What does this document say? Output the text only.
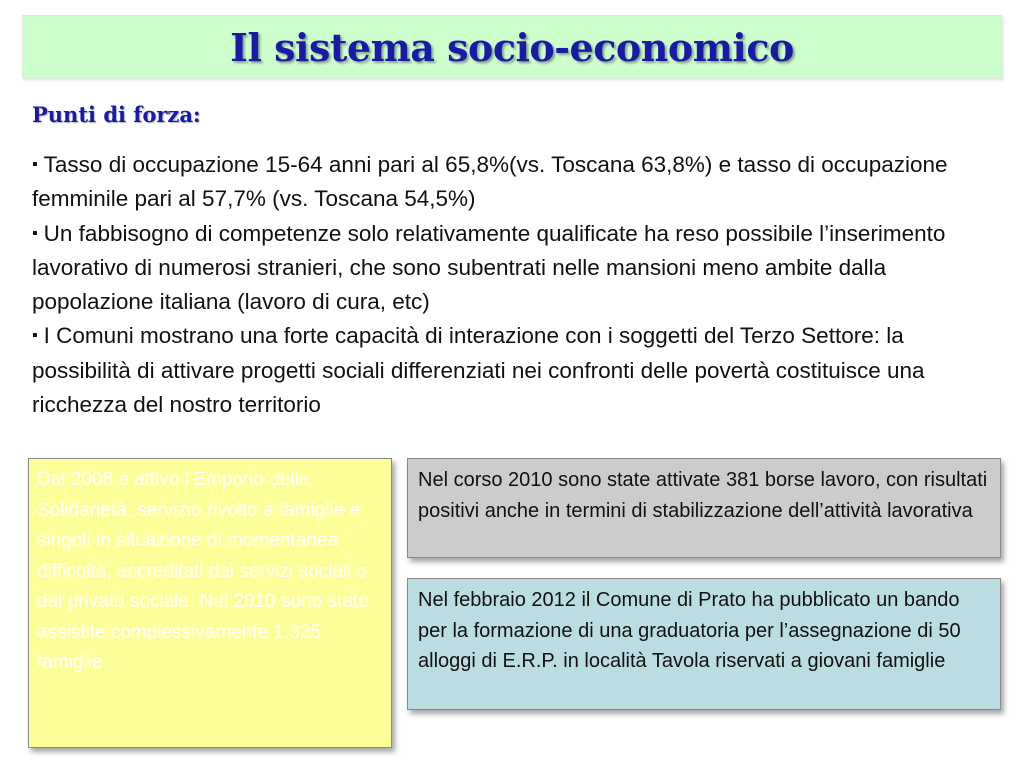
Il sistema socio-economico
Punti di forza:

▪ Tasso di occupazione 15-64 anni pari al 65,8%(vs. Toscana 63,8%) e tasso di occupazione femminile pari al 57,7% (vs. Toscana 54,5%)

▪ Un fabbisogno di competenze solo relativamente qualificate ha reso possibile l’inserimento lavorativo di numerosi stranieri, che sono subentrati nelle mansioni meno ambite dalla popolazione italiana (lavoro di cura, etc)

▪ I Comuni mostrano una forte capacità di interazione con i soggetti del Terzo Settore: la possibilità di attivare progetti sociali differenziati nei confronti delle povertà costituisce una ricchezza del nostro territorio

Dal 2008 è attivo l’Emporio della Solidarietà, servizio rivolto a famiglie e singoli in situazione di momentanea difficoltà, accreditati dai servizi sociali o dal privato sociale. Nel 2010 sono state assistite complessivamente 1.325 famiglie

Nel corso 2010 sono state attivate 381 borse lavoro, con risultati positivi anche in termini di stabilizzazione dell’attività lavorativa

Nel febbraio 2012 il Comune di Prato ha pubblicato un bando per la formazione di una graduatoria per l’assegnazione di 50 alloggi di E.R.P. in località Tavola riservati a giovani famiglie
